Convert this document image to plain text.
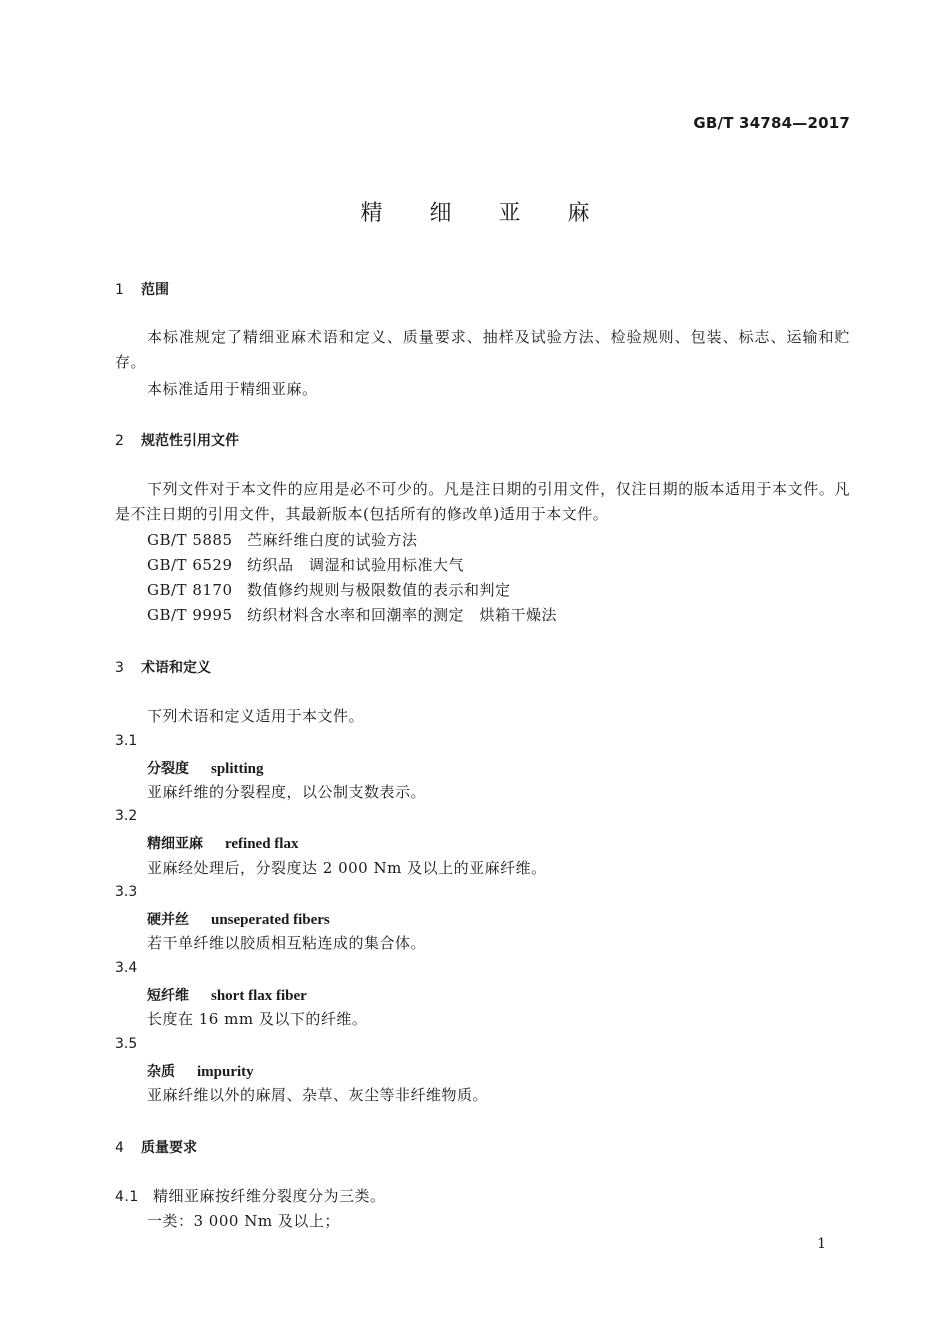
GB/T 34784—2017
精 细 亚 麻
1 范围
本标准规定了精细亚麻术语和定义、质量要求、抽样及试验方法、检验规则、包装、标志、运输和贮存。
本标准适用于精细亚麻。
2 规范性引用文件
下列文件对于本文件的应用是必不可少的。凡是注日期的引用文件，仅注日期的版本适用于本文件。凡是不注日期的引用文件，其最新版本(包括所有的修改单)适用于本文件。
GB/T 5885 苎麻纤维白度的试验方法
GB/T 6529 纺织品　调湿和试验用标准大气
GB/T 8170 数值修约规则与极限数值的表示和判定
GB/T 9995 纺织材料含水率和回潮率的测定　烘箱干燥法
3 术语和定义
下列术语和定义适用于本文件。
3.1
分裂度 splitting
亚麻纤维的分裂程度，以公制支数表示。
3.2
精细亚麻 refined flax
亚麻经处理后，分裂度达 2 000 Nm 及以上的亚麻纤维。
3.3
硬并丝 unseperated fibers
若干单纤维以胶质相互粘连成的集合体。
3.4
短纤维 short flax fiber
长度在 16 mm 及以下的纤维。
3.5
杂质 impurity
亚麻纤维以外的麻屑、杂草、灰尘等非纤维物质。
4 质量要求
4.1 精细亚麻按纤维分裂度分为三类。
一类：3 000 Nm 及以上；
1
